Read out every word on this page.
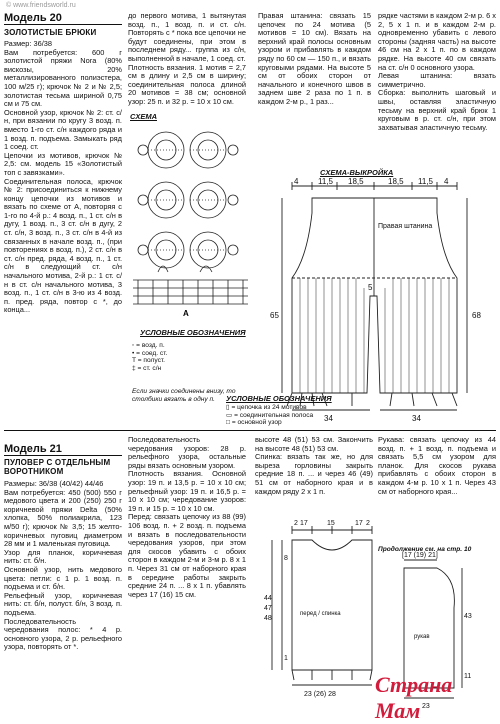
© www.friendsworld.ru
Модель 20
ЗОЛОТИСТЫЕ БРЮКИ
Размер: 36/38
Вам потребуется: 600 г золотистой пряжи Nora (80% вискозы, 20% металлизированного полиэстера, 100 м/25 г); крючок № 2 и № 2,5; золотистая тесьма шириной 0,75 см и 75 см.
Основной узор, крючок № 2: ст. с/н, при вязании по кругу 3 возд. п. вместо 1-го ст. с/н каждого ряда и 1 возд. п. подъема. Замыкать ряд 1 соед. ст.
Цепочки из мотивов, крючок № 2,5: см. модель 15 «Золотистый топ с завязками».
Соединительная полоса, крючок № 2: присоединиться к нижнему концу цепочки из мотивов и вязать по схеме от А, повторяя с 1-го по 4-й р.: 4 возд. п., 1 ст. с/н в дугу, 1 возд. п., 3 ст. с/н в дугу, 2 ст. с/н, 3 возд. п., 3 ст. с/н в 4-й из связанных в начале возд. п., (при повторениях в возд. п.), 2 ст. с/н в ст. с/н пред. ряда, 4 возд. п., 1 ст. с/н в следующий ст. с/н начального мотива, 2-й р.: 1 ст. с/н в ст. с/н начального мотива, 3 возд. п., 1 ст. с/н в 3-ю из 4 возд. п. пред. ряда, повтор с *, до конца...
до первого мотива, 1 вытянутая возд. п., 1 возд. п. и ст. с/н. Повторять с * пока все цепочки не будут соединены, при этом в последнем ряду... группа из с/н, выполненной в начале, 1 соед. ст.
Плотность вязания. 1 мотив = 2,7 см в длину и 2,5 см в ширину; соединительная полоса длиной 20 мотивов = 38 см; основной узор: 25 п. и 32 р. = 10 х 10 см.
Правая штанина: связать 15 цепочек по 24 мотива (5 мотивов = 10 см). Вязать на верхний край полосы основным узором и прибавлять в каждом ряду по 60 см — 150 п., и вязать круговыми рядами. На высоте 5 см от обоих сторон от начального и конечного швов в заднем шве 2 раза по 1 п. в каждом 2-м р., 1 раз...
рядке частями в каждом 2-м р. 6 х 2, 5 х 1 п. и в каждом 2-м р. одновременно убавить с левого стороны (задняя часть) на высоте 46 см на 2 х 1 п. по в каждом рядке. На высоте 40 см связать на ст. с/н 0 основного узора.
Левая штанина: вязать симметрично.
Сборка: выполнить шаговый и швы, оставляя эластичную тесьму на верхний край брюк 1 круговым в р. ст. с/н, при этом захватывая эластичную тесьму.
СХЕМА
A
УСЛОВНЫЕ ОБОЗНАЧЕНИЯ
◦ = возд. п.
• = соед. ст.
T = полуст.
‡ = ст. с/н
Если значки соединены внизу, то столбики вязать в одну п.
СХЕМА-ВЫКРОЙКА
4 11,5 18,5	18,5 11,5 4
65	68
5
34	34
Правая штанина
УСЛОВНЫЕ ОБОЗНАЧЕНИЯ
▯ = цепочка из 24 мотивов
▭ = соединительная полоса
□ = основной узор
Модель 21
ПУЛОВЕР С ОТДЕЛЬНЫМ ВОРОТНИКОМ
Размеры: 36/38 (40/42) 44/46
Вам потребуется: 450 (500) 550 г медового цвета и 200 (250) 250 г коричневой пряжи Delta (50% хлопка, 50% полиакрила, 123 м/50 г); крючок № 3,5; 15 желто-коричневых пуговиц диаметром 28 мм и 1 маленькая пуговица.
Узор для планок, коричневая нить: ст. б/н.
Основной узор, нить медового цвета: петли: с 1 р. 1 возд. п. подъема и ст. б/н.
Рельефный узор, коричневая нить: ст. б/н, полуст. б/н, 3 возд. п. подъема.
Последовательность чередования полос: * 4 р. основного узора, 2 р. рельефного узора, повторять от *.
Последовательность чередования узоров: 28 р. рельефного узора, остальные ряды вязать основным узором.
Плотность вязания. Основной узор: 19 п. и 13,5 р. = 10 х 10 см; рельефный узор: 19 п. и 16,5 р. = 10 х 10 см; чередование узоров: 19 п. и 15 р. = 10 х 10 см.
Перед: связать цепочку из 88 (99) 106 возд. п. + 2 возд. п. подъема и вязать в последовательности чередования узоров, при этом для скосов убавить с обоих сторон в каждом 2-м и 3-м р. 8 х 1 п. Через 31 см от наборного края в середине работы закрыть средние 24 п. ... 8 х 1 п. убавлять через 17 (16) 15 см.
высоте 48 (51) 53 см. Закончить на высоте 48 (51) 53 см.
Спинка: вязать так же, но для выреза горловины закрыть средние 18 п. ... и через 46 (49) 51 см от наборного края и в каждом ряду 2 х 1 п.
Рукава: связать цепочку из 44 возд. п. + 1 возд. п. подъема и связать 5,5 см узором для планок. Для скосов рукава прибавлять с обоих сторон в каждом 4-м р. 10 х 1 п. Через 43 см от наборного края...
Продолжение см. на стр. 10
2 17	15	17 2
44
47
48
8
1
23 (26) 28
перед / спинка
[17 (19) 21]
43
11
23
рукав
Страна Мам
